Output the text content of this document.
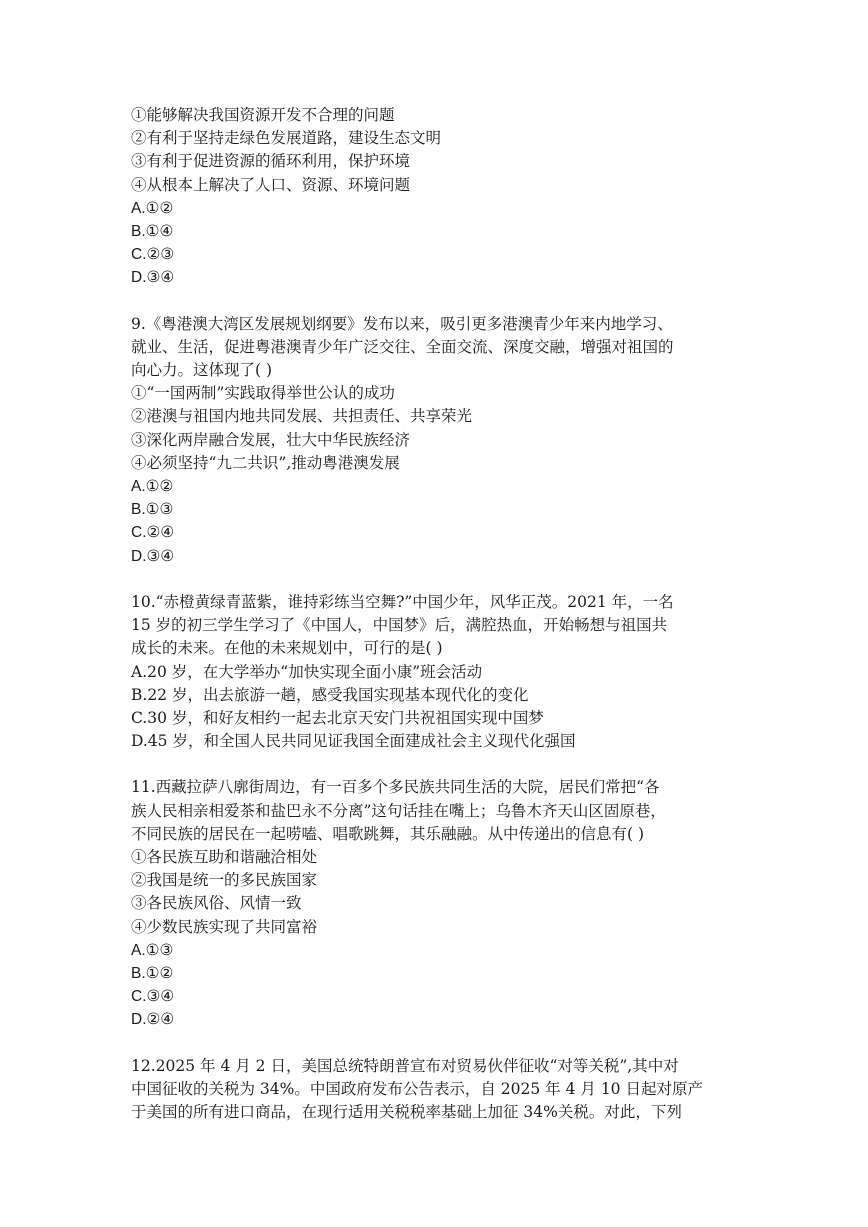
①能够解决我国资源开发不合理的问题
②有利于坚持走绿色发展道路，建设生态文明
③有利于促进资源的循环利用，保护环境
④从根本上解决了人口、资源、环境问题
A.①②
B.①④
C.②③
D.③④
9.《粤港澳大湾区发展规划纲要》发布以来，吸引更多港澳青少年来内地学习、
就业、生活，促进粤港澳青少年广泛交往、全面交流、深度交融，增强对祖国的
向心力。这体现了( )
①“一国两制”实践取得举世公认的成功
②港澳与祖国内地共同发展、共担责任、共享荣光
③深化两岸融合发展，壮大中华民族经济
④必须坚持“九二共识”,推动粤港澳发展
A.①②
B.①③
C.②④
D.③④
10.“赤橙黄绿青蓝紫，谁持彩练当空舞?”中国少年，风华正茂。2021 年，一名
15 岁的初三学生学习了《中国人，中国梦》后，满腔热血，开始畅想与祖国共
成长的未来。在他的未来规划中，可行的是( )
A.20 岁，在大学举办“加快实现全面小康”班会活动
B.22 岁，出去旅游一趟，感受我国实现基本现代化的变化
C.30 岁，和好友相约一起去北京天安门共祝祖国实现中国梦
D.45 岁，和全国人民共同见证我国全面建成社会主义现代化强国
11.西藏拉萨八廓街周边，有一百多个多民族共同生活的大院，居民们常把“各
族人民相亲相爱茶和盐巴永不分离”这句话挂在嘴上；乌鲁木齐天山区固原巷，
不同民族的居民在一起唠嗑、唱歌跳舞，其乐融融。从中传递出的信息有( )
①各民族互助和谐融洽相处
②我国是统一的多民族国家
③各民族风俗、风情一致
④少数民族实现了共同富裕
A.①③
B.①②
C.③④
D.②④
12.2025 年 4 月 2 日，美国总统特朗普宣布对贸易伙伴征收“对等关税”,其中对
中国征收的关税为 34%。中国政府发布公告表示，自 2025 年 4 月 10 日起对原产
于美国的所有进口商品，在现行适用关税税率基础上加征 34%关税。对此，下列
